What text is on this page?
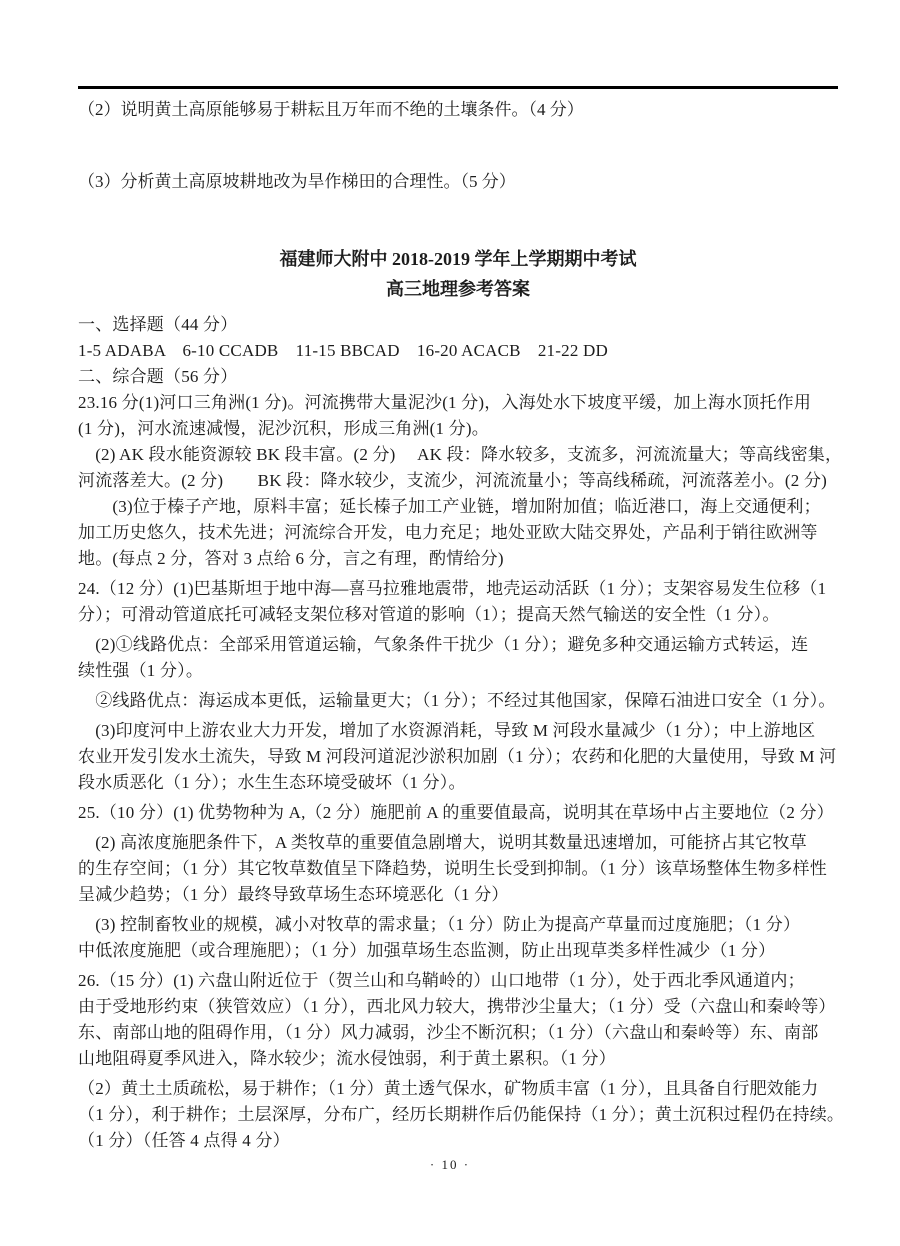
（2）说明黄土高原能够易于耕耘且万年而不绝的土壤条件。（4 分）
（3）分析黄土高原坡耕地改为旱作梯田的合理性。（5 分）
福建师大附中 2018-2019 学年上学期期中考试
高三地理参考答案
一、选择题（44 分）
1-5 ADABA　6-10 CCADB　11-15 BBCAD　16-20 ACACB　21-22 DD
二、综合题（56 分）
23.16 分(1)河口三角洲(1 分)。河流携带大量泥沙(1 分)，入海处水下坡度平缓，加上海水顶托作用
(1 分)，河水流速减慢，泥沙沉积，形成三角洲(1 分)。
　(2) AK 段水能资源较 BK 段丰富。(2 分)　 AK 段：降水较多，支流多，河流流量大；等高线密集，
河流落差大。(2 分)　　BK 段：降水较少，支流少，河流流量小；等高线稀疏，河流落差小。(2 分)
　　(3)位于榛子产地，原料丰富；延长榛子加工产业链，增加附加值；临近港口，海上交通便利；
加工历史悠久，技术先进；河流综合开发，电力充足；地处亚欧大陆交界处，产品利于销往欧洲等
地。(每点 2 分，答对 3 点给 6 分，言之有理，酌情给分)
24.（12 分）(1)巴基斯坦于地中海—喜马拉雅地震带，地壳运动活跃（1 分）；支架容易发生位移（1
分）；可滑动管道底托可减轻支架位移对管道的影响（1）；提高天然气输送的安全性（1 分）。
　(2)①线路优点：全部采用管道运输，气象条件干扰少（1 分）；避免多种交通运输方式转运，连
续性强（1 分）。
　②线路优点：海运成本更低，运输量更大；（1 分）；不经过其他国家，保障石油进口安全（1 分）。
　(3)印度河中上游农业大力开发，增加了水资源消耗，导致 M 河段水量减少（1 分）；中上游地区
农业开发引发水土流失，导致 M 河段河道泥沙淤积加剧（1 分）；农药和化肥的大量使用，导致 M 河
段水质恶化（1 分）；水生生态环境受破坏（1 分）。
25.（10 分）(1) 优势物种为 A,（2 分）施肥前 A 的重要值最高，说明其在草场中占主要地位（2 分）
　(2) 高浓度施肥条件下，A 类牧草的重要值急剧增大，说明其数量迅速增加，可能挤占其它牧草
的生存空间；（1 分）其它牧草数值呈下降趋势，说明生长受到抑制。（1 分）该草场整体生物多样性
呈减少趋势；（1 分）最终导致草场生态环境恶化（1 分）
　(3) 控制畜牧业的规模，减小对牧草的需求量；（1 分）防止为提高产草量而过度施肥；（1 分）
中低浓度施肥（或合理施肥）；（1 分）加强草场生态监测，防止出现草类多样性减少（1 分）
26.（15 分）(1) 六盘山附近位于（贺兰山和乌鞘岭的）山口地带（1 分），处于西北季风通道内；
由于受地形约束（狭管效应）（1 分），西北风力较大，携带沙尘量大；（1 分）受（六盘山和秦岭等）
东、南部山地的阻碍作用，（1 分）风力减弱，沙尘不断沉积；（1 分）（六盘山和秦岭等）东、南部
山地阻碍夏季风进入，降水较少；流水侵蚀弱，利于黄土累积。（1 分）
（2）黄土土质疏松，易于耕作；（1 分）黄土透气保水，矿物质丰富（1 分），且具备自行肥效能力
（1 分），利于耕作；土层深厚，分布广，经历长期耕作后仍能保持（1 分）；黄土沉积过程仍在持续。
（1 分）（任答 4 点得 4 分）
· 10 ·
